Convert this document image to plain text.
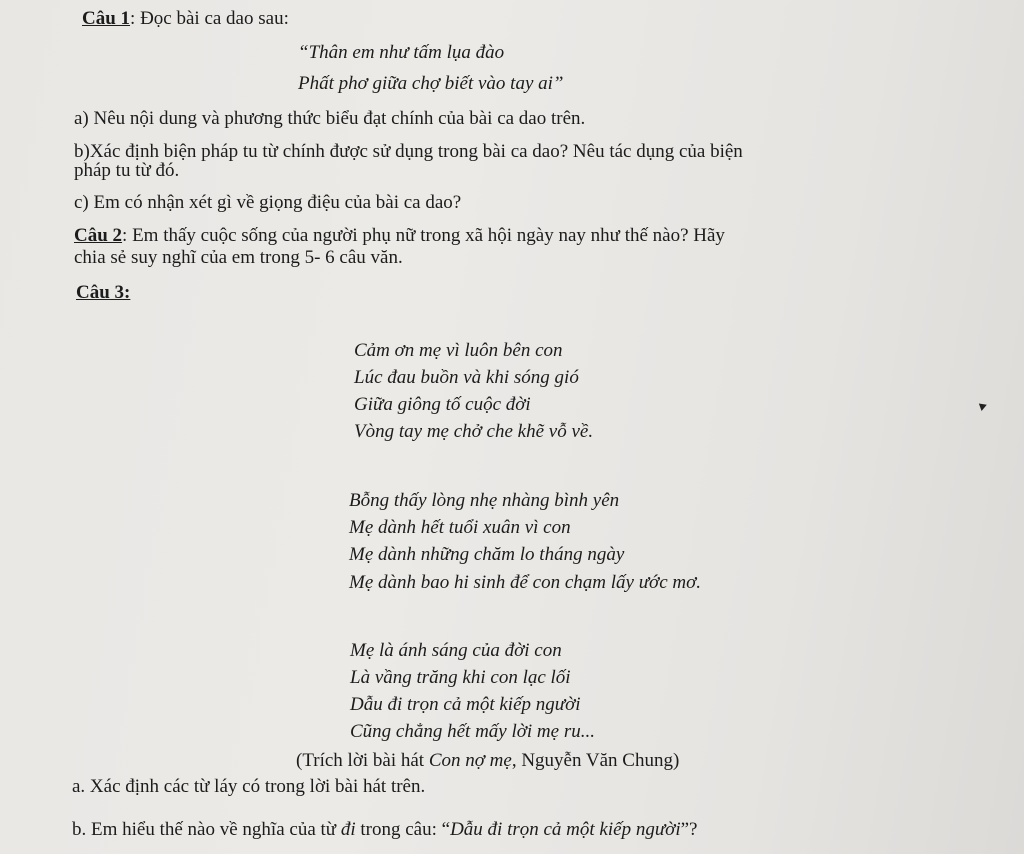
Câu 1: Đọc bài ca dao sau:
“Thân em như tấm lụa đào
Phất phơ giữa chợ biết vào tay ai”
a) Nêu nội dung và phương thức biểu đạt chính của bài ca dao trên.
b)Xác định biện pháp tu từ chính được sử dụng trong bài ca dao? Nêu tác dụng của biện
pháp tu từ đó.
c) Em có nhận xét gì về giọng điệu của bài ca dao?
Câu 2: Em thấy cuộc sống của người phụ nữ trong xã hội ngày nay như thế nào? Hãy
chia sẻ suy nghĩ của em trong 5- 6 câu văn.
Câu 3:
Cảm ơn mẹ vì luôn bên con
Lúc đau buồn và khi sóng gió
Giữa giông tố cuộc đời
Vòng tay mẹ chở che khẽ vỗ về.
Bỗng thấy lòng nhẹ nhàng bình yên
Mẹ dành hết tuổi xuân vì con
Mẹ dành những chăm lo tháng ngày
Mẹ dành bao hi sinh để con chạm lấy ước mơ.
Mẹ là ánh sáng của đời con
Là vầng trăng khi con lạc lối
Dẫu đi trọn cả một kiếp người
Cũng chẳng hết mấy lời mẹ ru...
(Trích lời bài hát Con nợ mẹ, Nguyễn Văn Chung)
a. Xác định các từ láy có trong lời bài hát trên.
b. Em hiểu thế nào về nghĩa của từ đi trong câu: “Dẫu đi trọn cả một kiếp người”?
